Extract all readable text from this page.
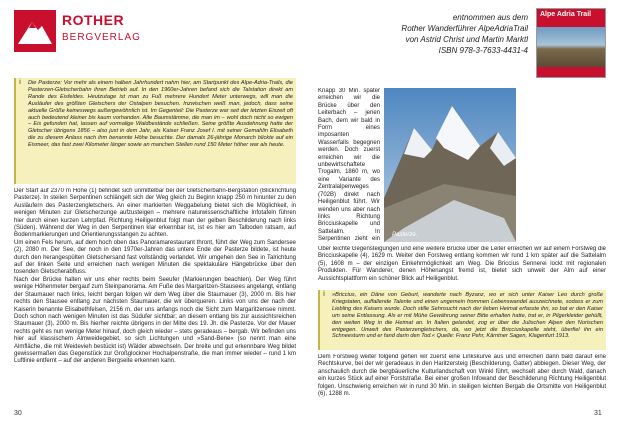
ROTHER
BERGVERLAG
entnommen aus dem
Rother Wanderführer AlpeAdriaTrail
von Astrid Christ und Martin Marktl
ISBN 978-3-7633-4431-4
Alpe Adria Trail
i Die Pasterze: Vor mehr als einem halben Jahrhundert nahm hier, am Startpunkt des Alpe-Adria-Trails, die Pasterzen-Gletscherbahn ihren Betrieb auf. In den 1960er-Jahren befand sich die Talstation direkt am Rande des Eisfeldes. Heutzutage ist man zu Fuß mehrere Hundert Meter unterwegs, will man die Ausläufer des größten Gletschers der Ostalpen besuchen. Inzwischen weiß man, jedoch, dass seine aktuelle Größe keineswegs außergewöhnlich ist. Im Gegenteil: Die Pasterze war seit der letzten Eiszeit oft auch bedeutend kleiner bis kaum vorhanden. Alte Baumstämme, die man im – wohl doch nicht so ewigen – Eis gefunden hat, lassen auf vormalige Waldbestände schließen. Seine größte Ausdehnung hatte der Gletscher übrigens 1856 – also just in dem Jahr, als Kaiser Franz Josef I. mit seiner Gemahlin Elisabeth die zu diesem Anlass nach ihm benannte Höhe besuchte. Der damals 26-jährige Monarch blickte auf ein Eismeer, das fast zwei Kilometer länger sowie an manchen Stellen rund 150 Meter höher war als heute.

Der Start auf 2370 m Höhe (1) befindet sich unmittelbar bei der Gletscherbahn-Bergstation (Blickrichtung Pasterze). In steilen Serpentinen schlängelt sich der Weg gleich zu Beginn knapp 250 m hinunter zu den Ausläufern des Pasterzengletschers. An einer markierten Weggabelung bietet sich die Möglichkeit, in wenigen Minuten zur Gletscherzunge aufzusteigen – mehrere naturwissenschaftliche Infotafeln führen hier durch einen kurzen Lehrpfad. Richtung Heiligenblut folgt man der gelben Beschilderung nach links (Süden). Während der Weg in den Serpentinen klar erkennbar ist, ist es hier am Talboden ratsam, auf Bodenmarkierungen und Orientierungsstangen zu achten.

Um einen Fels herum, auf dem hoch oben das Panoramarestaurant thront, führt der Weg zum Sandersee (2), 2080 m. Der See, der noch in den 1970er-Jahren das untere Ende der Pasterze bildete, ist heute durch den herangespülten Gletschersand fast vollständig verlandet. Wir umgehen den See in Talrichtung auf der linken Seite und erreichen nach wenigen Minuten die spektakuläre Hängebrücke über den tosenden Gletscherabfluss.

Nach der Brücke halten wir uns eher rechts beim Seeufer (Markierungen beachten). Der Weg führt wenige Höhenmeter bergauf zum Steinpanorama. Am Fuße des Margaritzen-Stausees angelangt, entlang der Staumauer nach links, leicht bergan folgen wir dem Weg über die Staumauer (3), 2000 m. Bis hier rechts den Stausee entlang zur nächsten Staumauer, die wir überqueren. Links von uns der nach der Kaiserin benannte Elisabethfelsen, 2156 m, der uns anfangs noch die Sicht zum Margaritzensee nimmt. Doch schon nach wenigen Minuten ist das Südufer sichtbar; an diesem entlang bis zur aussichtsreichen Staumauer (3), 2000 m. Bis hierher reichte übrigens in der Mitte des 19. Jh. die Pasterze. Vor der Mauer rechts geht es nun wenige Meter hinauf, doch gleich wieder – stets geradeaus – bergab. Wir befinden uns hier auf klassischem Almweidegebiet, so sich Lichtungen und »Sand-Bene« (so nennt man eine Almfläche, die mit Weidevieh bestückt ist) Wälder abwechseln. Der breite und gut erkennbare Weg bildet gewissermaßen das Gegenstück zur Großglockner Hochalpenstraße, die man immer wieder – rund 1 km Luftlinie entfernt – auf der anderen Bergseite erkennen kann.

30
Pasterze.
Knapp 30 Min. später erreichen wir die Brücke über den Leiterbach – jenen Bach, dem wir bald in Form eines imposanten Wasserfalls begegnen werden. Doch zuerst erreichen wir die unbewirtschaftete Trogalm, 1860 m, wo eine Variante des Zentralalpenweges (702B) direkt nach Heiligenblut führt. Wir wenden uns aber nach links Richtung Bricciuskapelle und Sattelalm. In Serpentinen zieht ein
Über leichte Gegensteigungen und eine weitere Brücke über die Leiter erreichen wir auf einem Forstweg die Bricciuskapelle (4), 1629 m. Weiter den Forstweg entlang kommen wir rund 1 km später auf die Sattelalm (5), 1608 m – der einzigen Einkehrmöglichkeit am Weg. Die Briccius Sennerei lockt mit regionalen Produkten. Für Wanderer, denen Höhenangst fremd ist, bietet sich unweit der Alm auf einer Aussichtsplattform ein schöner Blick auf Heiligenblut.
i »Briccius, ein Däne von Geburt, wanderte nach Byzanz, wo er sich unter Kaiser Leo durch große Kriegstaten, auffallende Talente und einen ungemein frommen Lebenswandel auszeichnete, sodass er zum Liebling des Kaisers wurde. Doch stille Sehnsucht nach der lieben Heimat erfasste ihn, so bat er den Kaiser um seine Entlassung. Als er mit Mühe Gewährung seiner Bitte erhalten hatte, trat er, in Pilgerkleider gehüllt, den weiten Weg in die Heimat an. In Italien gelandet, zog er über die Julischen Alpen den Norischen entgegen. Unweit des Pasterzengletschers, da, wo jetzt die Bricciuskapelle steht, überfiel ihn ein Schneesturm und er fand darin den Tod.« Quelle: Franz Pehr, Kärntner Sagen, Klagenfurt 1913.
Dem Forstweg weiter folgend gehen wir zuerst eine Linkskurve aus und erreichen dann bald darauf eine Rechtskurve, bei der wir geradeaus in den Haritzersteig (Beschilderung, Gatter) abbiegen. Dieser Weg, der anschaulich durch die bergbäuerliche Kulturlandschaft von Winkl führt, wechselt aber durch Wald, danach ein kurzes Stück auf einer Forststraße. Bei einer großen Infowand der Beschilderung Richtung Heiligenblut folgen. Unschwierig erreichen wir in rund 30 Min. in steiligen leichten Bergab die Ortsmitte von Heiligenblut (6), 1288 m.
31
